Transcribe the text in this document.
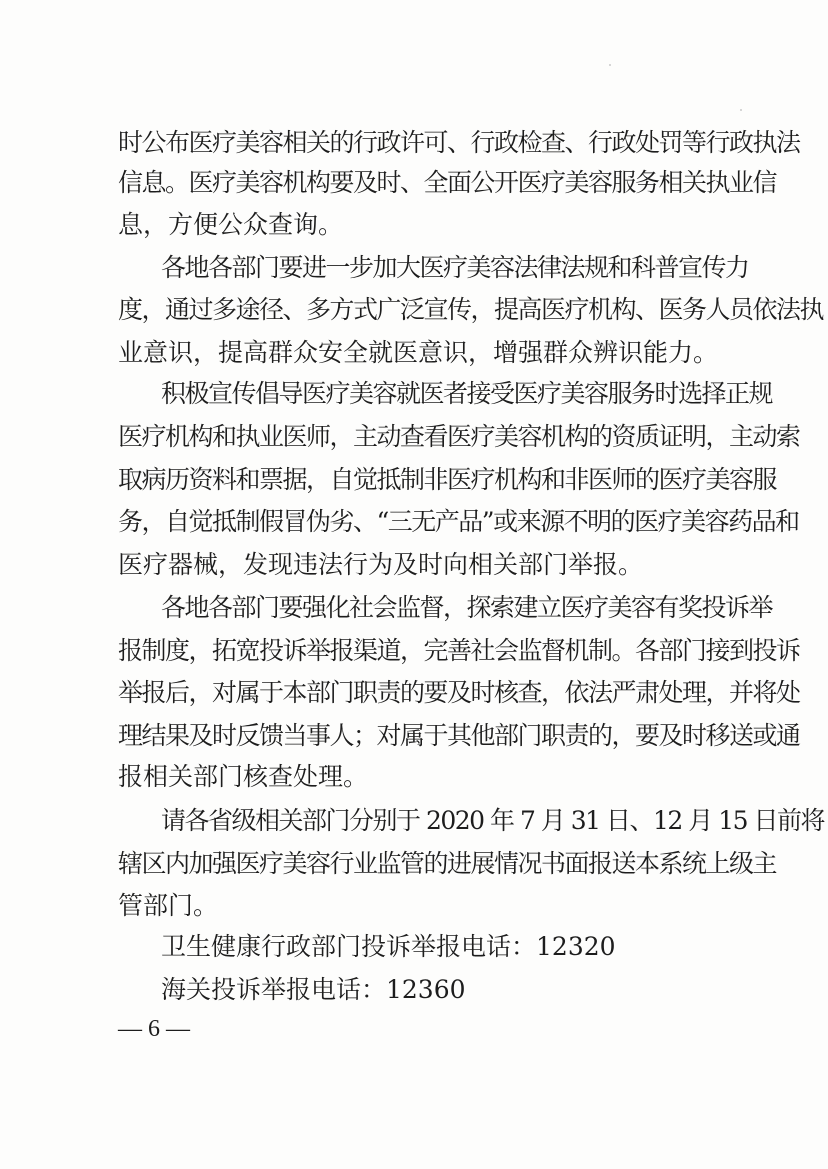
时公布医疗美容相关的行政许可、行政检查、行政处罚等行政执法
信息。医疗美容机构要及时、全面公开医疗美容服务相关执业信
息，方便公众查询。
各地各部门要进一步加大医疗美容法律法规和科普宣传力
度，通过多途径、多方式广泛宣传，提高医疗机构、医务人员依法执
业意识，提高群众安全就医意识，增强群众辨识能力。
积极宣传倡导医疗美容就医者接受医疗美容服务时选择正规
医疗机构和执业医师，主动查看医疗美容机构的资质证明，主动索
取病历资料和票据，自觉抵制非医疗机构和非医师的医疗美容服
务，自觉抵制假冒伪劣、“三无产品”或来源不明的医疗美容药品和
医疗器械，发现违法行为及时向相关部门举报。
各地各部门要强化社会监督，探索建立医疗美容有奖投诉举
报制度，拓宽投诉举报渠道，完善社会监督机制。各部门接到投诉
举报后，对属于本部门职责的要及时核查，依法严肃处理，并将处
理结果及时反馈当事人；对属于其他部门职责的，要及时移送或通
报相关部门核查处理。
请各省级相关部门分别于 2020 年 7 月 31 日、12 月 15 日前将
辖区内加强医疗美容行业监管的进展情况书面报送本系统上级主
管部门。
卫生健康行政部门投诉举报电话：12320
海关投诉举报电话：12360
— 6 —
